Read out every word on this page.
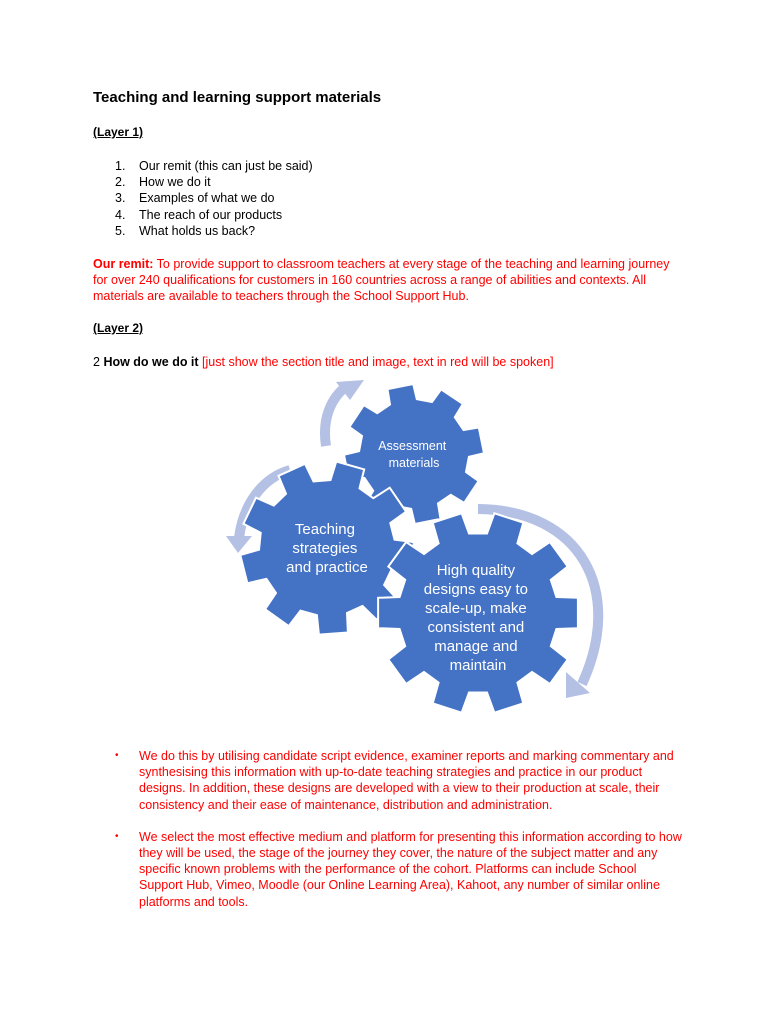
Teaching and learning support materials
(Layer 1)
1. Our remit (this can just be said)
2. How we do it
3. Examples of what we do
4. The reach of our products
5. What holds us back?

Our remit: To provide support to classroom teachers at every stage of the teaching and learning journey for over 240 qualifications for customers in 160 countries across a range of abilities and contexts. All materials are available to teachers through the School Support Hub.

(Layer 2)
2 How do we do it [just show the section title and image, text in red will be spoken]
Assessment materials
Teaching strategies and practice	High quality designs easy to scale-up, make consistent and manage and maintain
• We do this by utilising candidate script evidence, examiner reports and marking commentary and synthesising this information with up-to-date teaching strategies and practice in our product designs. In addition, these designs are developed with a view to their production at scale, their consistency and their ease of maintenance, distribution and administration.
• We select the most effective medium and platform for presenting this information according to how they will be used, the stage of the journey they cover, the nature of the subject matter and any specific known problems with the performance of the cohort. Platforms can include School Support Hub, Vimeo, Moodle (our Online Learning Area), Kahoot, any number of similar online platforms and tools.
